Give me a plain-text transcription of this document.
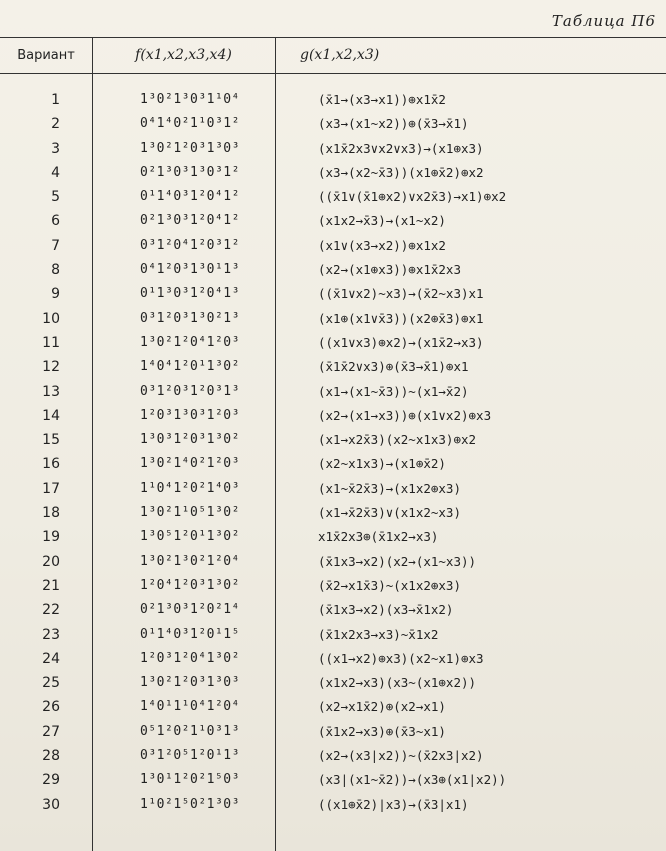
Таблица П6
Вариант	f(x1,x2,x3,x4)	g(x1,x2,x3)
1	1³0²1³0³1¹0⁴	(x̄1→(x3→x1))⊕x1x̄2
2	0⁴1⁴0²1¹0³1²	(x3→(x1~x2))⊕(x̄3→x̄1)
3	1³0²1²0³1³0³	(x1x̄2x3∨x2∨x3)→(x1⊕x3)
4	0²1³0³1³0³1²	(x3→(x2~x̄3))(x1⊕x̄2)⊕x2
5	0¹1⁴0³1²0⁴1²	((x̄1∨(x̄1⊕x2)∨x2x̄3)→x1)⊕x2
6	0²1³0³1²0⁴1²	(x1x2→x̄3)→(x1~x2)
7	0³1²0⁴1²0³1²	(x1∨(x3→x2))⊕x1x2
8	0⁴1²0³1³0¹1³	(x2→(x1⊕x3))⊕x1x̄2x3
9	0¹1³0³1²0⁴1³	((x̄1∨x2)~x3)→(x̄2~x3)x1
10	0³1²0³1³0²1³	(x1⊕(x1∨x̄3))(x2⊕x̄3)⊕x1
11	1³0²1²0⁴1²0³	((x1∨x3)⊕x2)→(x1x̄2→x3)
12	1⁴0⁴1²0¹1³0²	(x̄1x̄2∨x3)⊕(x̄3→x̄1)⊕x1
13	0³1²0³1²0³1³	(x1→(x1~x̄3))~(x1→x̄2)
14	1²0³1³0³1²0³	(x2→(x1→x3))⊕(x1∨x2)⊕x3
15	1³0³1²0³1³0²	(x1→x2x̄3)(x2~x1x3)⊕x2
16	1³0²1⁴0²1²0³	(x2~x1x3)→(x1⊕x̄2)
17	1¹0⁴1²0²1⁴0³	(x1~x̄2x̄3)→(x1x2⊕x3)
18	1³0²1¹0⁵1³0²	(x1→x̄2x̄3)∨(x1x2~x3)
19	1³0⁵1²0¹1³0²	x1x̄2x3⊕(x̄1x2→x3)
20	1³0²1³0²1²0⁴	(x̄1x3→x2)(x2→(x1~x3))
21	1²0⁴1²0³1³0²	(x̄2→x1x̄3)~(x1x2⊕x3)
22	0²1³0³1²0²1⁴	(x̄1x3→x2)(x3→x̄1x2)
23	0¹1⁴0³1²0¹1⁵	(x̄1x2x3→x3)~x̄1x2
24	1²0³1²0⁴1³0²	((x1→x2)⊕x3)(x2~x1)⊕x3
25	1³0²1²0³1³0³	(x1x2→x3)(x3~(x1⊕x2))
26	1⁴0¹1¹0⁴1²0⁴	(x2→x1x̄2)⊕(x2→x1)
27	0⁵1²0²1¹0³1³	(x̄1x2→x3)⊕(x̄3~x1)
28	0³1²0⁵1²0¹1³	(x2→(x3|x2))~(x̄2x3|x2)
29	1³0¹1²0²1⁵0³	(x3|(x1~x̄2))→(x3⊕(x1|x2))
30	1¹0²1⁵0²1³0³	((x1⊕x̄2)|x3)→(x̄3|x1)
